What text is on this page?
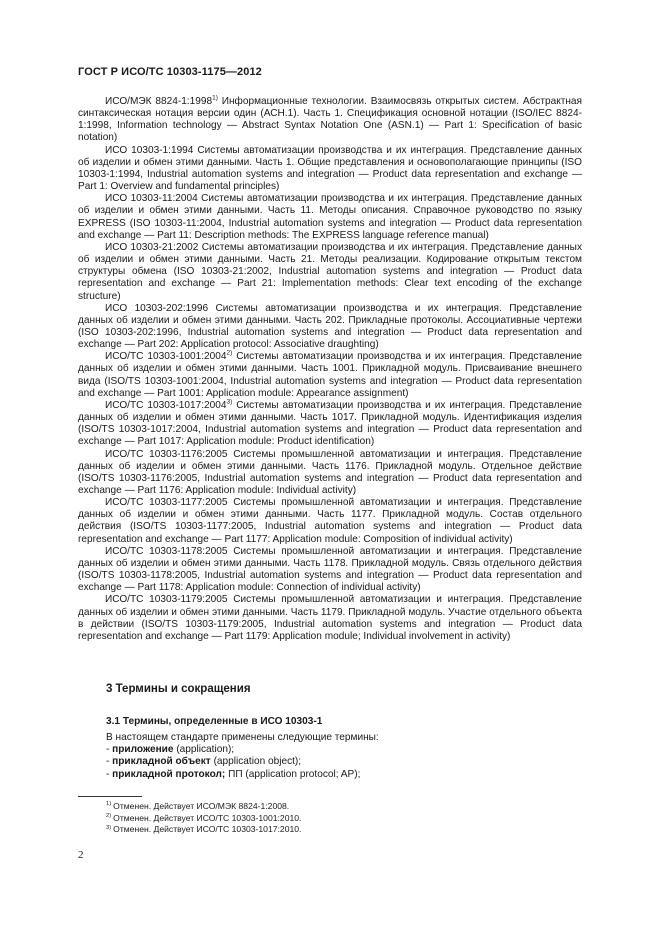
ГОСТ Р ИСО/ТС 10303-1175—2012

ИСО/МЭК 8824-1:1998$^{1)}$ Информационные технологии. Взаимосвязь открытых систем. Абстрактная синтаксическая нотация версии один (АСН.1). Часть 1. Спецификация основной нотации (ISO/IEC 8824-1:1998, Information technology — Abstract Syntax Notation One (ASN.1) — Part 1: Specification of basic notation)

ИСО 10303-1:1994 Системы автоматизации производства и их интеграция. Представление данных об изделии и обмен этими данными. Часть 1. Общие представления и основополагающие принципы (ISO 10303-1:1994, Industrial automation systems and integration — Product data representation and exchange — Part 1: Overview and fundamental principles)

ИСО 10303-11:2004 Системы автоматизации производства и их интеграция. Представление данных об изделии и обмен этими данными. Часть 11. Методы описания. Справочное руководство по языку EXPRESS (ISO 10303-11:2004, Industrial automation systems and integration — Product data representation and exchange — Part 11: Description methods: The EXPRESS language reference manual)

ИСО 10303-21:2002 Системы автоматизации производства и их интеграция. Представление данных об изделии и обмен этими данными. Часть 21. Методы реализации. Кодирование открытым текстом структуры обмена (ISO 10303-21:2002, Industrial automation systems and integration — Product data representation and exchange — Part 21: Implementation methods: Clear text encoding of the exchange structure)

ИСО 10303-202:1996 Системы автоматизации производства и их интеграция. Представление данных об изделии и обмен этими данными. Часть 202. Прикладные протоколы. Ассоциативные чертежи (ISO 10303-202:1996, Industrial automation systems and integration — Product data representation and exchange — Part 202: Application protocol: Associative draughting)

ИСО/ТС 10303-1001:2004$^{2)}$ Системы автоматизации производства и их интеграция. Представление данных об изделии и обмен этими данными. Часть 1001. Прикладной модуль. Присваивание внешнего вида (ISO/TS 10303-1001:2004, Industrial automation systems and integration — Product data representation and exchange — Part 1001: Application module: Appearance assignment)

ИСО/ТС 10303-1017:2004$^{3)}$ Системы автоматизации производства и их интеграция. Представление данных об изделии и обмен этими данными. Часть 1017. Прикладной модуль. Идентификация изделия (ISO/TS 10303-1017:2004, Industrial automation systems and integration — Product data representation and exchange — Part 1017: Application module: Product identification)

ИСО/ТС 10303-1176:2005 Системы промышленной автоматизации и интеграция. Представление данных об изделии и обмен этими данными. Часть 1176. Прикладной модуль. Отдельное действие (ISO/TS 10303-1176:2005, Industrial automation systems and integration — Product data representation and exchange — Part 1176: Application module: Individual activity)

ИСО/ТС 10303-1177:2005 Системы промышленной автоматизации и интеграция. Представление данных об изделии и обмен этими данными. Часть 1177. Прикладной модуль. Состав отдельного действия (ISO/TS 10303-1177:2005, Industrial automation systems and integration — Product data representation and exchange — Part 1177: Application module: Composition of individual activity)

ИСО/ТС 10303-1178:2005 Системы промышленной автоматизации и интеграция. Представление данных об изделии и обмен этими данными. Часть 1178. Прикладной модуль. Связь отдельного действия (ISO/TS 10303-1178:2005, Industrial automation systems and integration — Product data representation and exchange — Part 1178: Application module: Connection of individual activity)

ИСО/ТС 10303-1179:2005 Системы промышленной автоматизации и интеграция. Представление данных об изделии и обмен этими данными. Часть 1179. Прикладной модуль. Участие отдельного объекта в действии (ISO/TS 10303-1179:2005, Industrial automation systems and integration — Product data representation and exchange — Part 1179: Application module; Individual involvement in activity)

3 Термины и сокращения
3.1 Термины, определенные в ИСО 10303-1
В настоящем стандарте применены следующие термины:
- приложение (application);
- прикладной объект (application object);
- прикладной протокол; ПП (application protocol; AP);
$^{1)}$ Отменен. Действует ИСО/МЭК 8824-1:2008.
$^{2)}$ Отменен. Действует ИСО/ТС 10303-1001:2010.
$^{3)}$ Отменен. Действует ИСО/ТС 10303-1017:2010.
2
